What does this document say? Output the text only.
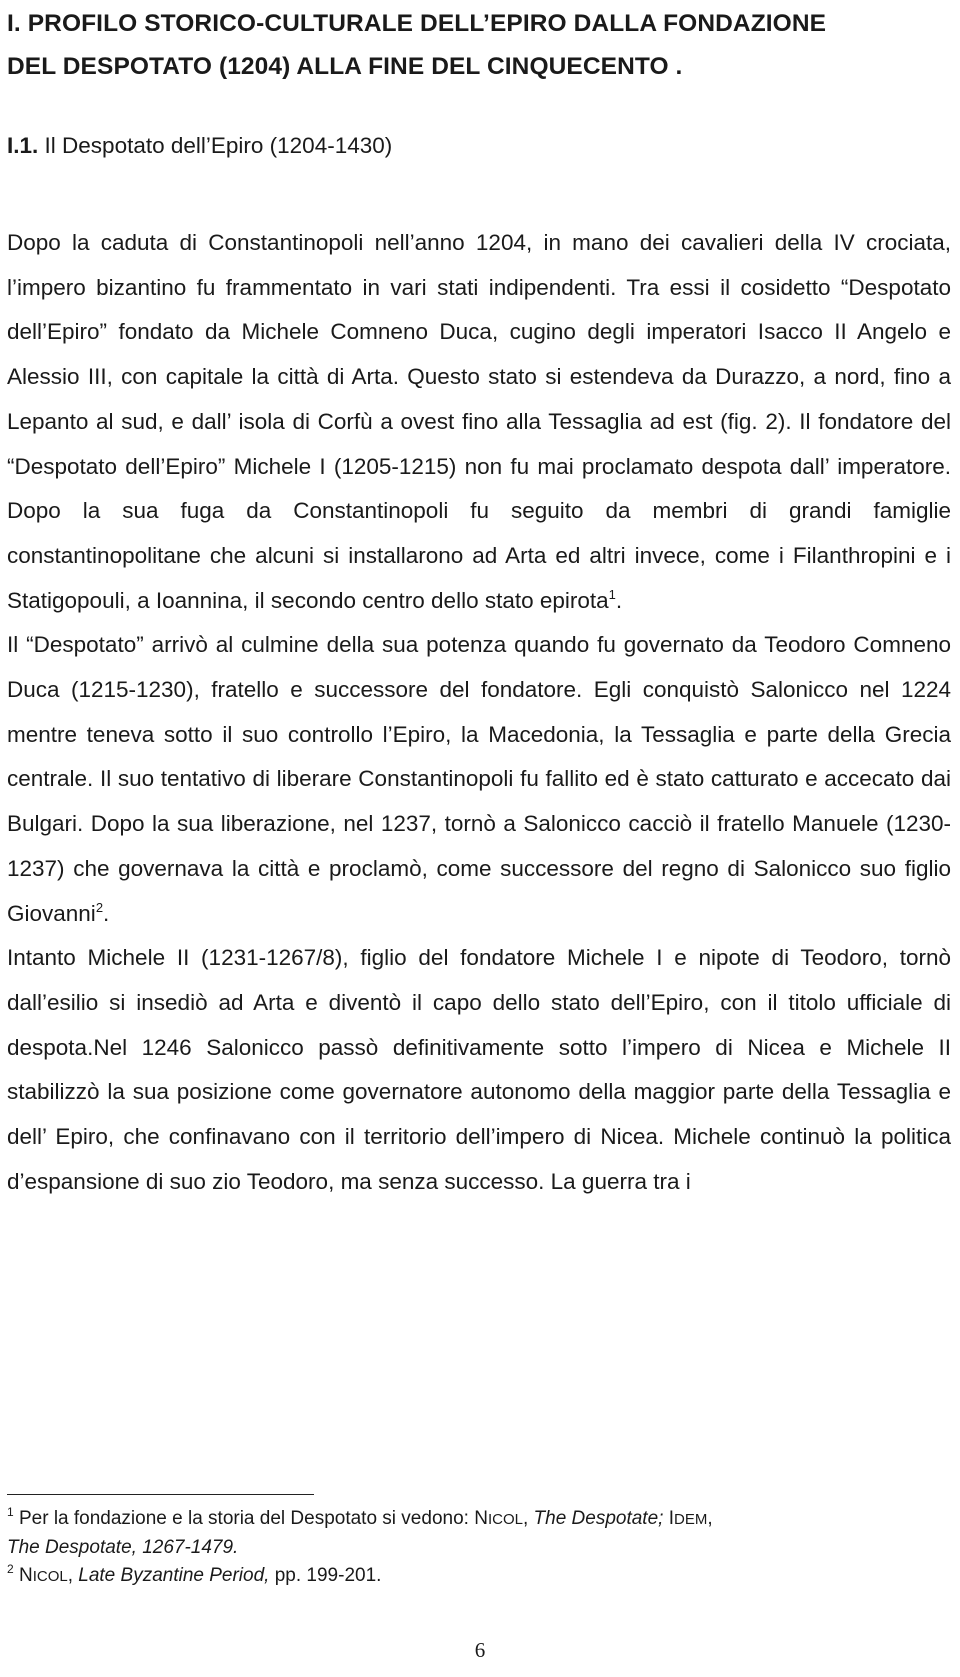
I. PROFILO STORICO-CULTURALE DELL’EPIRO DALLA FONDAZIONE
DEL DESPOTATO (1204) ALLA FINE DEL CINQUECENTO .

I.1. Il Despotato dell’Epiro (1204-1430)

Dopo la caduta di Constantinopoli nell’anno 1204, in mano dei cavalieri della IV crociata, l’impero bizantino fu frammentato in vari stati indipendenti. Tra essi il cosidetto “Despotato dell’Epiro” fondato da Michele Comneno Duca, cugino degli imperatori Isacco II Angelo e Alessio III, con capitale la città di Arta. Questo stato si estendeva da Durazzo, a nord, fino a Lepanto al sud, e dall’ isola di Corfù a ovest fino alla Tessaglia ad est (fig. 2). Il fondatore del “Despotato dell’Epiro” Michele I (1205-1215) non fu mai proclamato despota dall’ imperatore. Dopo la sua fuga da Constantinopoli fu seguito da membri di grandi famiglie constantinopolitane che alcuni si installarono ad Arta ed altri invece, come i Filanthropini e i Statigopouli, a Ioannina, il secondo centro dello stato epirota$^1$.

Il “Despotato” arrivò al culmine della sua potenza quando fu governato da Teodoro Comneno Duca (1215-1230), fratello e successore del fondatore. Egli conquistò Salonicco nel 1224 mentre teneva sotto il suo controllo l’Epiro, la Macedonia, la Tessaglia e parte della Grecia centrale. Il suo tentativo di liberare Constantinopoli fu fallito ed è stato catturato e accecato dai Bulgari. Dopo la sua liberazione, nel 1237, tornò a Salonicco cacciò il fratello Manuele (1230-1237) che governava la città e proclamò, come successore del regno di Salonicco suo figlio Giovanni$^2$.

Intanto Michele II (1231-1267/8), figlio del fondatore Michele I e nipote di Teodoro, tornò dall’esilio si insediò ad Arta e diventò il capo dello stato dell’Epiro, con il titolo ufficiale di despota.Nel 1246 Salonicco passò definitivamente sotto l’impero di Nicea e Michele II stabilizzò la sua posizione come governatore autonomo della maggior parte della Tessaglia e dell’ Epiro, che confinavano con il territorio dell’impero di Nicea. Michele continuò la politica d’espansione di suo zio Teodoro, ma senza successo. La guerra tra i

$^1$ Per la fondazione e la storia del Despotato si vedono: NICOL, The Despotate; IDEM,
The Despotate, 1267-1479.

$^2$ NICOL, Late Byzantine Period, pp. 199-201.

6
